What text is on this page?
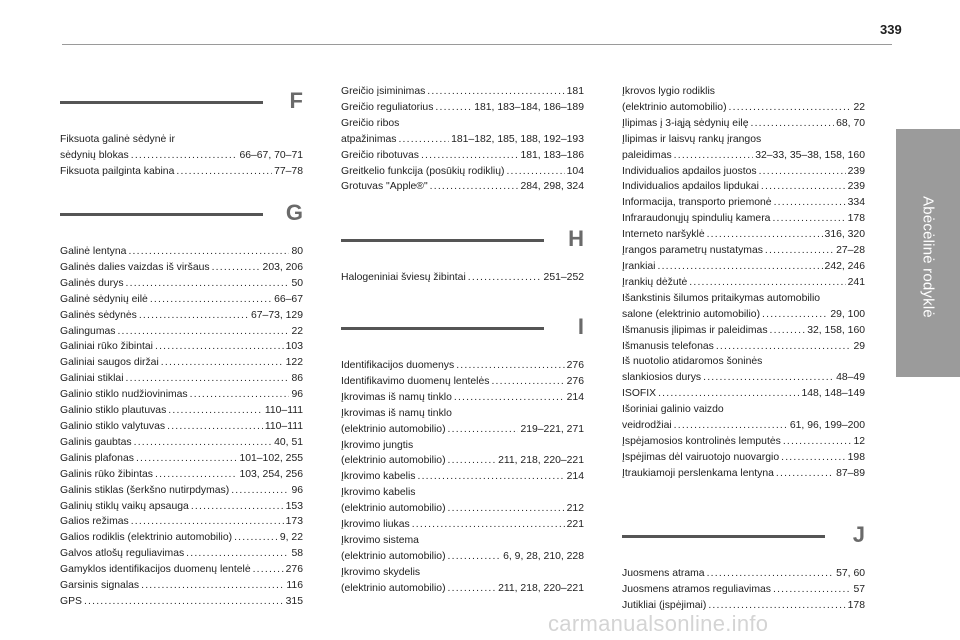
339
Abėcėlinė rodyklė
F
Fiksuota galinė sėdynė ir
sėdynių blokas .....	66–67, 70–71
Fiksuota pailginta kabina .....	77–78
G
Galinė lentyna .....	80
Galinės dalies vaizdas iš viršaus .....	203, 206
Galinės durys .....	50
Galinė sėdynių eilė .....	66–67
Galinės sėdynės .....	67–73, 129
Galingumas .....	22
Galiniai rūko žibintai .....	103
Galiniai saugos diržai .....	122
Galiniai stiklai .....	86
Galinio stiklo nudžiovinimas .....	96
Galinio stiklo plautuvas .....	110–111
Galinio stiklo valytuvas .....	110–111
Galinis gaubtas .....	40, 51
Galinis plafonas .....	101–102, 255
Galinis rūko žibintas .....	103, 254, 256
Galinis stiklas (šerkšno nutirpdymas) .....	96
Galinių stiklų vaikų apsauga .....	153
Galios režimas .....	173
Galios rodiklis (elektrinio automobilio) .....	9, 22
Galvos atlošų reguliavimas .....	58
Gamyklos identifikacijos duomenų lentelė .....	276
Garsinis signalas .....	116
GPS .....	315
Greičio įsiminimas .....	181
Greičio reguliatorius .....	181, 183–184, 186–189
Greičio ribos
atpažinimas .....	181–182, 185, 188, 192–193
Greičio ribotuvas .....	181, 183–186
Greitkelio funkcija (posūkių rodiklių) .....	104
Grotuvas "Apple®" .....	284, 298, 324
H
Halogeniniai šviesų žibintai .....	251–252
I
Identifikacijos duomenys .....	276
Identifikavimo duomenų lentelės .....	276
Įkrovimas iš namų tinklo .....	214
Įkrovimas iš namų tinklo
(elektrinio automobilio) .....	219–221, 271
Įkrovimo jungtis
(elektrinio automobilio) .....	211, 218, 220–221
Įkrovimo kabelis .....	214
Įkrovimo kabelis
(elektrinio automobilio) .....	212
Įkrovimo liukas .....	221
Įkrovimo sistema
(elektrinio automobilio) .....	6, 9, 28, 210, 228
Įkrovimo skydelis
(elektrinio automobilio) .....	211, 218, 220–221
Įkrovos lygio rodiklis
(elektrinio automobilio) .....	22
Įlipimas į 3-iąją sėdynių eilę .....	68, 70
Įlipimas ir laisvų rankų įrangos
paleidimas .....	32–33, 35–38, 158, 160
Individualios apdailos juostos .....	239
Individualios apdailos lipdukai .....	239
Informacija, transporto priemonė .....	334
Infraraudonųjų spindulių kamera .....	178
Interneto naršyklė .....	316, 320
Įrangos parametrų nustatymas .....	27–28
Įrankiai .....	242, 246
Įrankių dėžutė .....	241
Išankstinis šilumos pritaikymas automobilio
salone (elektrinio automobilio) .....	29, 100
Išmanusis įlipimas ir paleidimas .....	32, 158, 160
Išmanusis telefonas .....	29
Iš nuotolio atidaromos šoninės
slankiosios durys .....	48–49
ISOFIX .....	148, 148–149
Išoriniai galinio vaizdo
veidrodžiai .....	61, 96, 199–200
Įspėjamosios kontrolinės lemputės .....	12
Įspėjimas dėl vairuotojo nuovargio .....	198
Įtraukiamoji perslenkama lentyna .....	87–89
J
Juosmens atrama .....	57, 60
Juosmens atramos reguliavimas .....	57
Jutikliai (įspėjimai) .....	178
carmanualsonline.info
